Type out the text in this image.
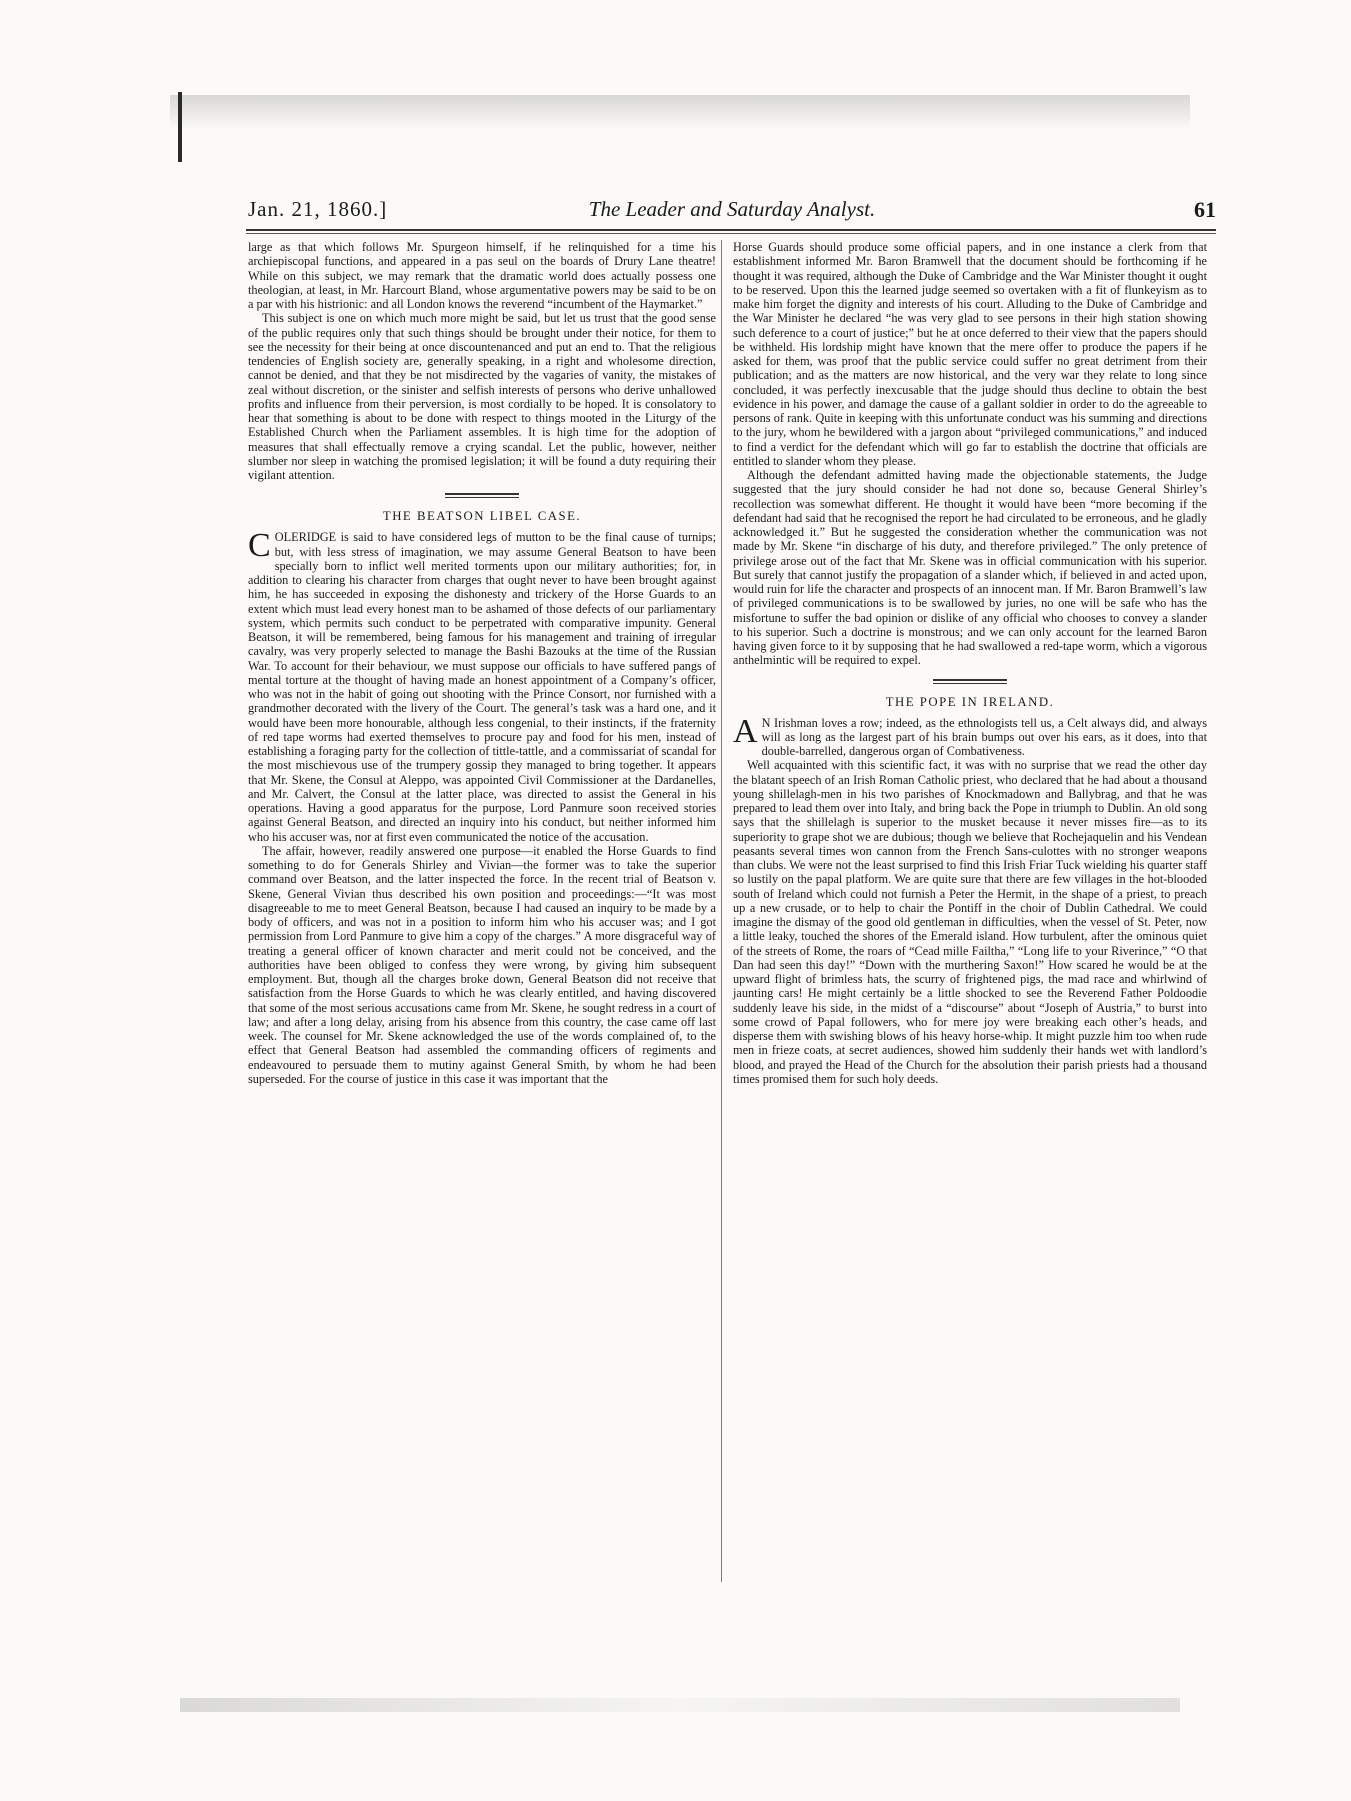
Jan. 21, 1860.]	The Leader and Saturday Analyst.	61

large as that which follows Mr. Spurgeon himself, if he relinquished for a time his archiepiscopal functions, and appeared in a pas seul on the boards of Drury Lane theatre! While on this subject, we may remark that the dramatic world does actually possess one theologian, at least, in Mr. Harcourt Bland, whose argumentative powers may be said to be on a par with his histrionic: and all London knows the reverend “incumbent of the Haymarket.”

This subject is one on which much more might be said, but let us trust that the good sense of the public requires only that such things should be brought under their notice, for them to see the necessity for their being at once discountenanced and put an end to. That the religious tendencies of English society are, generally speaking, in a right and wholesome direction, cannot be denied, and that they be not misdirected by the vagaries of vanity, the mistakes of zeal without discretion, or the sinister and selfish interests of persons who derive unhallowed profits and influence from their perversion, is most cordially to be hoped. It is consolatory to hear that something is about to be done with respect to things mooted in the Liturgy of the Established Church when the Parliament assembles. It is high time for the adoption of measures that shall effectually remove a crying scandal. Let the public, however, neither slumber nor sleep in watching the promised legislation; it will be found a duty requiring their vigilant attention.

THE BEATSON LIBEL CASE.

COLERIDGE is said to have considered legs of mutton to be the final cause of turnips; but, with less stress of imagination, we may assume General Beatson to have been specially born to inflict well merited torments upon our military authorities; for, in addition to clearing his character from charges that ought never to have been brought against him, he has succeeded in exposing the dishonesty and trickery of the Horse Guards to an extent which must lead every honest man to be ashamed of those defects of our parliamentary system, which permits such conduct to be perpetrated with comparative impunity. General Beatson, it will be remembered, being famous for his management and training of irregular cavalry, was very properly selected to manage the Bashi Bazouks at the time of the Russian War. To account for their behaviour, we must suppose our officials to have suffered pangs of mental torture at the thought of having made an honest appointment of a Company’s officer, who was not in the habit of going out shooting with the Prince Consort, nor furnished with a grandmother decorated with the livery of the Court. The general’s task was a hard one, and it would have been more honourable, although less congenial, to their instincts, if the fraternity of red tape worms had exerted themselves to procure pay and food for his men, instead of establishing a foraging party for the collection of tittle-tattle, and a commissariat of scandal for the most mischievous use of the trumpery gossip they managed to bring together. It appears that Mr. Skene, the Consul at Aleppo, was appointed Civil Commissioner at the Dardanelles, and Mr. Calvert, the Consul at the latter place, was directed to assist the General in his operations. Having a good apparatus for the purpose, Lord Panmure soon received stories against General Beatson, and directed an inquiry into his conduct, but neither informed him who his accuser was, nor at first even communicated the notice of the accusation.

The affair, however, readily answered one purpose—it enabled the Horse Guards to find something to do for Generals Shirley and Vivian—the former was to take the superior command over Beatson, and the latter inspected the force. In the recent trial of Beatson v. Skene, General Vivian thus described his own position and proceedings:—“It was most disagreeable to me to meet General Beatson, because I had caused an inquiry to be made by a body of officers, and was not in a position to inform him who his accuser was; and I got permission from Lord Panmure to give him a copy of the charges.” A more disgraceful way of treating a general officer of known character and merit could not be conceived, and the authorities have been obliged to confess they were wrong, by giving him subsequent employment. But, though all the charges broke down, General Beatson did not receive that satisfaction from the Horse Guards to which he was clearly entitled, and having discovered that some of the most serious accusations came from Mr. Skene, he sought redress in a court of law; and after a long delay, arising from his absence from this country, the case came off last week. The counsel for Mr. Skene acknowledged the use of the words complained of, to the effect that General Beatson had assembled the commanding officers of regiments and endeavoured to persuade them to mutiny against General Smith, by whom he had been superseded. For the course of justice in this case it was important that the

Horse Guards should produce some official papers, and in one instance a clerk from that establishment informed Mr. Baron Bramwell that the document should be forthcoming if he thought it was required, although the Duke of Cambridge and the War Minister thought it ought to be reserved. Upon this the learned judge seemed so overtaken with a fit of flunkeyism as to make him forget the dignity and interests of his court. Alluding to the Duke of Cambridge and the War Minister he declared “he was very glad to see persons in their high station showing such deference to a court of justice;” but he at once deferred to their view that the papers should be withheld. His lordship might have known that the mere offer to produce the papers if he asked for them, was proof that the public service could suffer no great detriment from their publication; and as the matters are now historical, and the very war they relate to long since concluded, it was perfectly inexcusable that the judge should thus decline to obtain the best evidence in his power, and damage the cause of a gallant soldier in order to do the agreeable to persons of rank. Quite in keeping with this unfortunate conduct was his summing and directions to the jury, whom he bewildered with a jargon about “privileged communications,” and induced to find a verdict for the defendant which will go far to establish the doctrine that officials are entitled to slander whom they please.

Although the defendant admitted having made the objectionable statements, the Judge suggested that the jury should consider he had not done so, because General Shirley’s recollection was somewhat different. He thought it would have been “more becoming if the defendant had said that he recognised the report he had circulated to be erroneous, and he gladly acknowledged it.” But he suggested the consideration whether the communication was not made by Mr. Skene “in discharge of his duty, and therefore privileged.” The only pretence of privilege arose out of the fact that Mr. Skene was in official communication with his superior. But surely that cannot justify the propagation of a slander which, if believed in and acted upon, would ruin for life the character and prospects of an innocent man. If Mr. Baron Bramwell’s law of privileged communications is to be swallowed by juries, no one will be safe who has the misfortune to suffer the bad opinion or dislike of any official who chooses to convey a slander to his superior. Such a doctrine is monstrous; and we can only account for the learned Baron having given force to it by supposing that he had swallowed a red-tape worm, which a vigorous anthelmintic will be required to expel.

THE POPE IN IRELAND.

A N Irishman loves a row; indeed, as the ethnologists tell us, a Celt always did, and always will as long as the largest part of his brain bumps out over his ears, as it does, into that double-barrelled, dangerous organ of Combativeness.

Well acquainted with this scientific fact, it was with no surprise that we read the other day the blatant speech of an Irish Roman Catholic priest, who declared that he had about a thousand young shillelagh-men in his two parishes of Knockmadown and Ballybrag, and that he was prepared to lead them over into Italy, and bring back the Pope in triumph to Dublin. An old song says that the shillelagh is superior to the musket because it never misses fire—as to its superiority to grape shot we are dubious; though we believe that Rochejaquelin and his Vendean peasants several times won cannon from the French Sans-culottes with no stronger weapons than clubs. We were not the least surprised to find this Irish Friar Tuck wielding his quarter staff so lustily on the papal platform. We are quite sure that there are few villages in the hot-blooded south of Ireland which could not furnish a Peter the Hermit, in the shape of a priest, to preach up a new crusade, or to help to chair the Pontiff in the choir of Dublin Cathedral. We could imagine the dismay of the good old gentleman in difficulties, when the vessel of St. Peter, now a little leaky, touched the shores of the Emerald island. How turbulent, after the ominous quiet of the streets of Rome, the roars of “Cead mille Failtha,” “Long life to your Riverince,” “O that Dan had seen this day!” “Down with the murthering Saxon!” How scared he would be at the upward flight of brimless hats, the scurry of frightened pigs, the mad race and whirlwind of jaunting cars! He might certainly be a little shocked to see the Reverend Father Poldoodie suddenly leave his side, in the midst of a “discourse” about “Joseph of Austria,” to burst into some crowd of Papal followers, who for mere joy were breaking each other’s heads, and disperse them with swishing blows of his heavy horse-whip. It might puzzle him too when rude men in frieze coats, at secret audiences, showed him suddenly their hands wet with landlord’s blood, and prayed the Head of the Church for the absolution their parish priests had a thousand times promised them for such holy deeds.
